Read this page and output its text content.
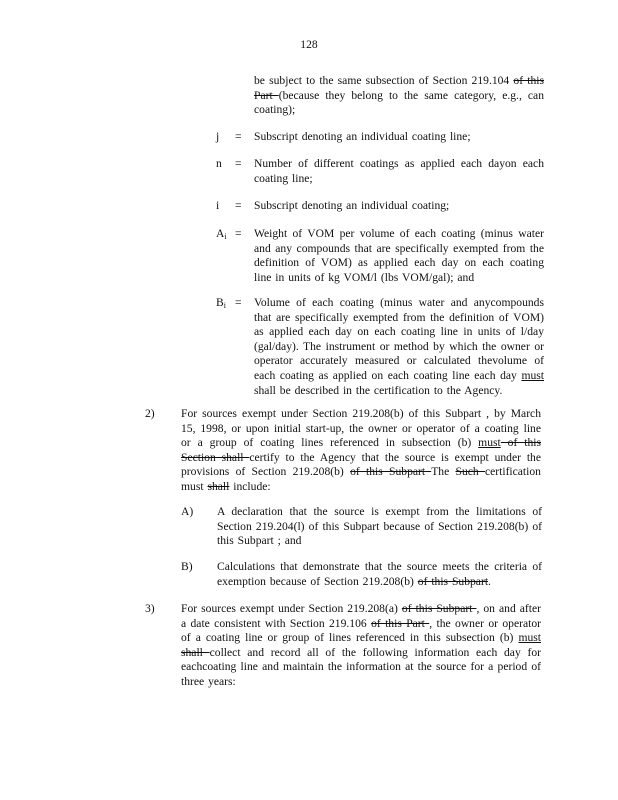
128
be subject to the same subsection of Section 219.104 of this Part (because they belong to the same category, e.g., can coating);
j	= Subscript denoting an individual coating line;
n	= Number of different coatings as applied each dayon each coating line;
i	= Subscript denoting an individual coating;
$A_i$ = Weight of VOM per volume of each coating (minus water and any compounds that are specifically exempted from the definition of VOM) as applied each day on each coating line in units of kg VOM/l (lbs VOM/gal); and
$B_i$ = Volume of each coating (minus water and anycompounds that are specifically exempted from the definition of VOM) as applied each day on each coating line in units of l/day (gal/day). The instrument or method by which the owner or operator accurately measured or calculated thevolume of each coating as applied on each coating line each day must shall be described in the certification to the Agency.
2) For sources exempt under Section 219.208(b) of this Subpart , by March 15, 1998, or upon initial start-up, the owner or operator of a coating line or a group of coating lines referenced in subsection (b) must of this Section shall certify to the Agency that the source is exempt under the provisions of Section 219.208(b) of this Subpart The Such certification must shall include:
A) A declaration that the source is exempt from the limitations of Section 219.204(l) of this Subpart because of Section 219.208(b) of this Subpart ; and
B) Calculations that demonstrate that the source meets the criteria of exemption because of Section 219.208(b) of this Subpart.
3) For sources exempt under Section 219.208(a) of this Subpart , on and after a date consistent with Section 219.106 of this Part , the owner or operator of a coating line or group of lines referenced in this subsection (b) must shall collect and record all of the following information each day for eachcoating line and maintain the information at the source for a period of three years:
